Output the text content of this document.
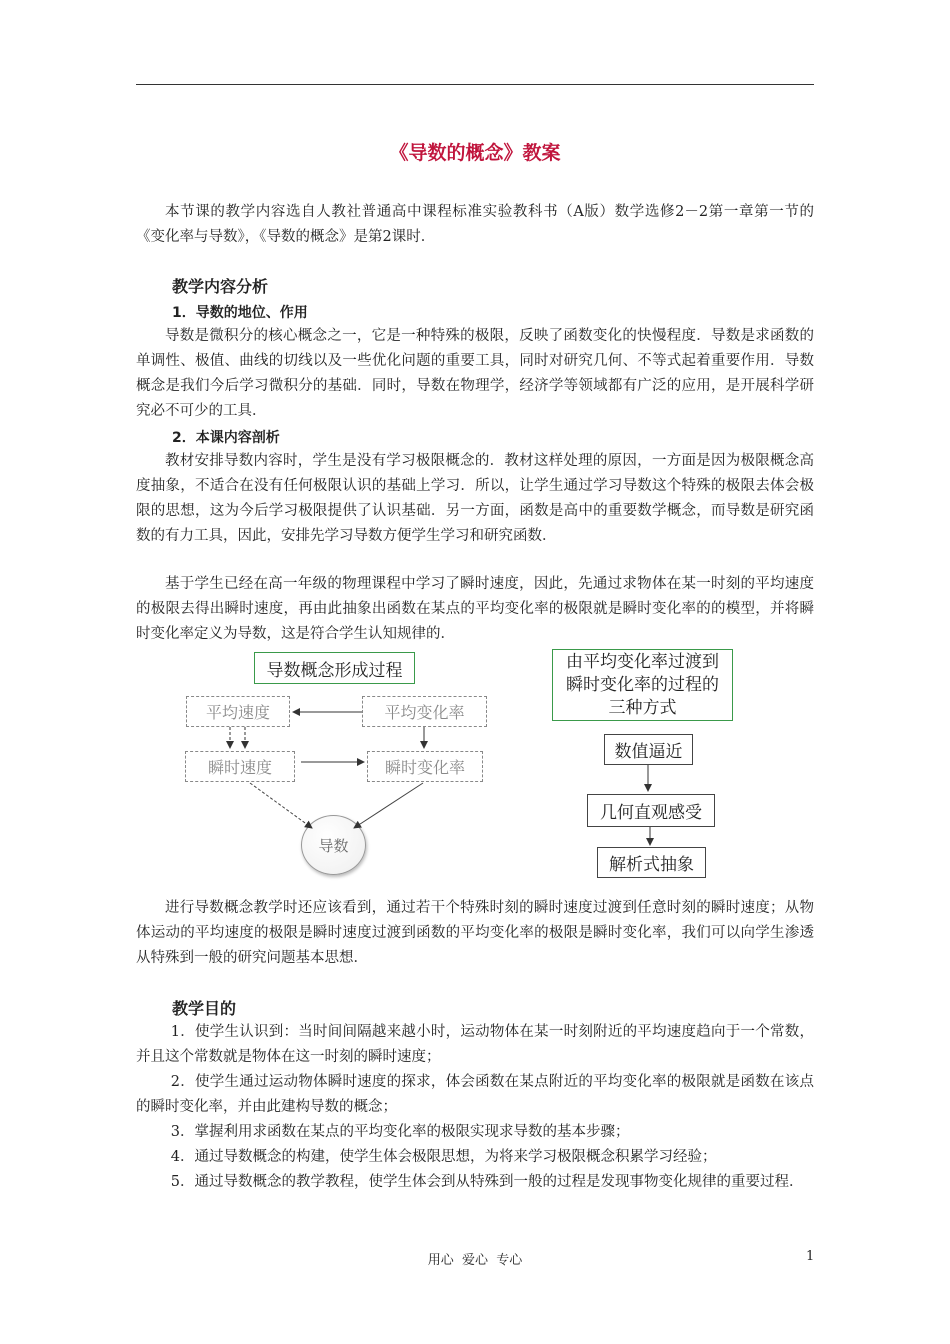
《导数的概念》教案

本节课的教学内容选自人教社普通高中课程标准实验教科书（A版）数学选修2－2第一章第一节的《变化率与导数》，《导数的概念》是第2课时．

教学内容分析
1．导数的地位、作用

导数是微积分的核心概念之一，它是一种特殊的极限，反映了函数变化的快慢程度．导数是求函数的单调性、极值、曲线的切线以及一些优化问题的重要工具，同时对研究几何、不等式起着重要作用．导数概念是我们今后学习微积分的基础．同时，导数在物理学，经济学等领域都有广泛的应用，是开展科学研究必不可少的工具．

2．本课内容剖析

教材安排导数内容时，学生是没有学习极限概念的．教材这样处理的原因，一方面是因为极限概念高度抽象，不适合在没有任何极限认识的基础上学习．所以，让学生通过学习导数这个特殊的极限去体会极限的思想，这为今后学习极限提供了认识基础．另一方面，函数是高中的重要数学概念，而导数是研究函数的有力工具，因此，安排先学习导数方便学生学习和研究函数．

基于学生已经在高一年级的物理课程中学习了瞬时速度，因此，先通过求物体在某一时刻的平均速度的极限去得出瞬时速度，再由此抽象出函数在某点的平均变化率的极限就是瞬时变化率的的模型，并将瞬时变化率定义为导数，这是符合学生认知规律的．

导数概念形成过程
平均速度	平均变化率
瞬时速度	瞬时变化率
导数
由平均变化率过渡到瞬时变化率的过程的三种方式
数值逼近
几何直观感受
解析式抽象

进行导数概念教学时还应该看到，通过若干个特殊时刻的瞬时速度过渡到任意时刻的瞬时速度；从物体运动的平均速度的极限是瞬时速度过渡到函数的平均变化率的极限是瞬时变化率，我们可以向学生渗透从特殊到一般的研究问题基本思想．

教学目的

1．使学生认识到：当时间间隔越来越小时，运动物体在某一时刻附近的平均速度趋向于一个常数，并且这个常数就是物体在这一时刻的瞬时速度；

2．使学生通过运动物体瞬时速度的探求，体会函数在某点附近的平均变化率的极限就是函数在该点的瞬时变化率，并由此建构导数的概念；

3．掌握利用求函数在某点的平均变化率的极限实现求导数的基本步骤；

4．通过导数概念的构建，使学生体会极限思想，为将来学习极限概念积累学习经验；

5．通过导数概念的教学教程，使学生体会到从特殊到一般的过程是发现事物变化规律的重要过程．

用心  爱心  专心	1
